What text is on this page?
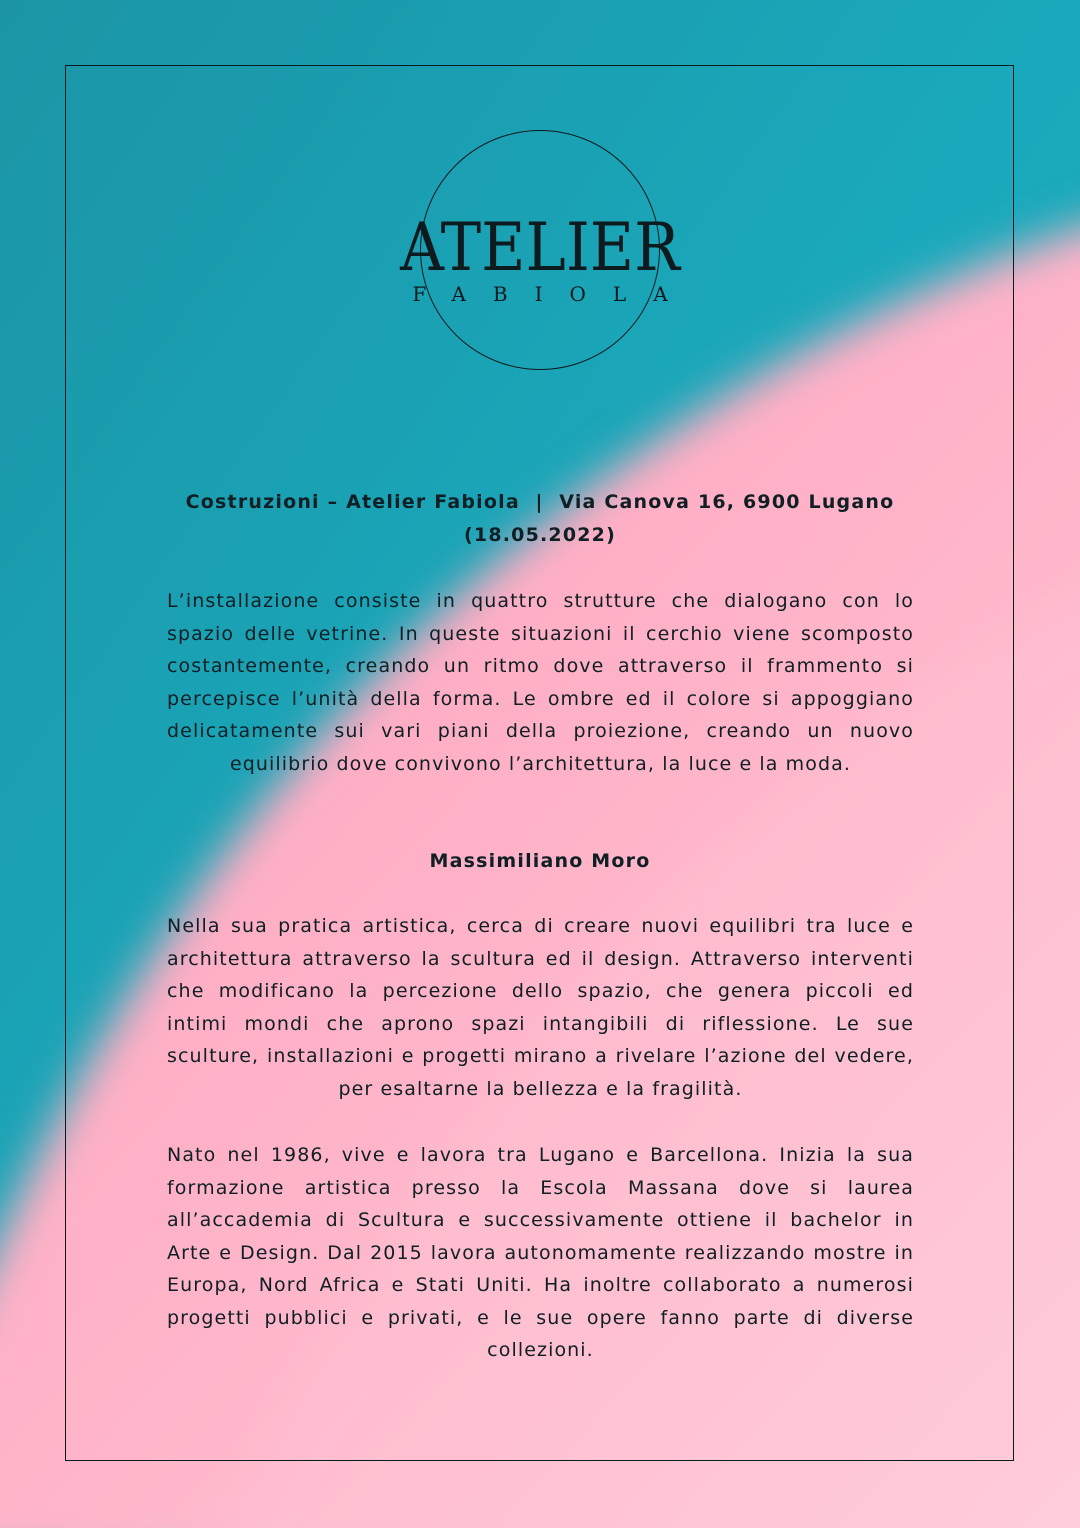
ATELIER
FABIOLA
Costruzioni – Atelier Fabiola  |  Via Canova 16, 6900 Lugano
(18.05.2022)

L’installazione consiste in quattro strutture che dialogano con lo spazio delle vetrine. In queste situazioni il cerchio viene scomposto costantemente, creando un ritmo dove attraverso il frammento si percepisce l’unità della forma. Le ombre ed il colore si appoggiano delicatamente sui vari piani della proiezione, creando un nuovo equilibrio dove convivono l’architettura, la luce e la moda.

Massimiliano Moro

Nella sua pratica artistica, cerca di creare nuovi equilibri tra luce e architettura attraverso la scultura ed il design. Attraverso interventi che modificano la percezione dello spazio, che genera piccoli ed intimi mondi che aprono spazi intangibili di riflessione. Le sue sculture, installazioni e progetti mirano a rivelare l’azione del vedere, per esaltarne la bellezza e la fragilità.

Nato nel 1986, vive e lavora tra Lugano e Barcellona. Inizia la sua formazione artistica presso la Escola Massana dove si laurea all’accademia di Scultura e successivamente ottiene il bachelor in Arte e Design. Dal 2015 lavora autonomamente realizzando mostre in Europa, Nord Africa e Stati Uniti. Ha inoltre collaborato a numerosi progetti pubblici e privati, e le sue opere fanno parte di diverse collezioni.
